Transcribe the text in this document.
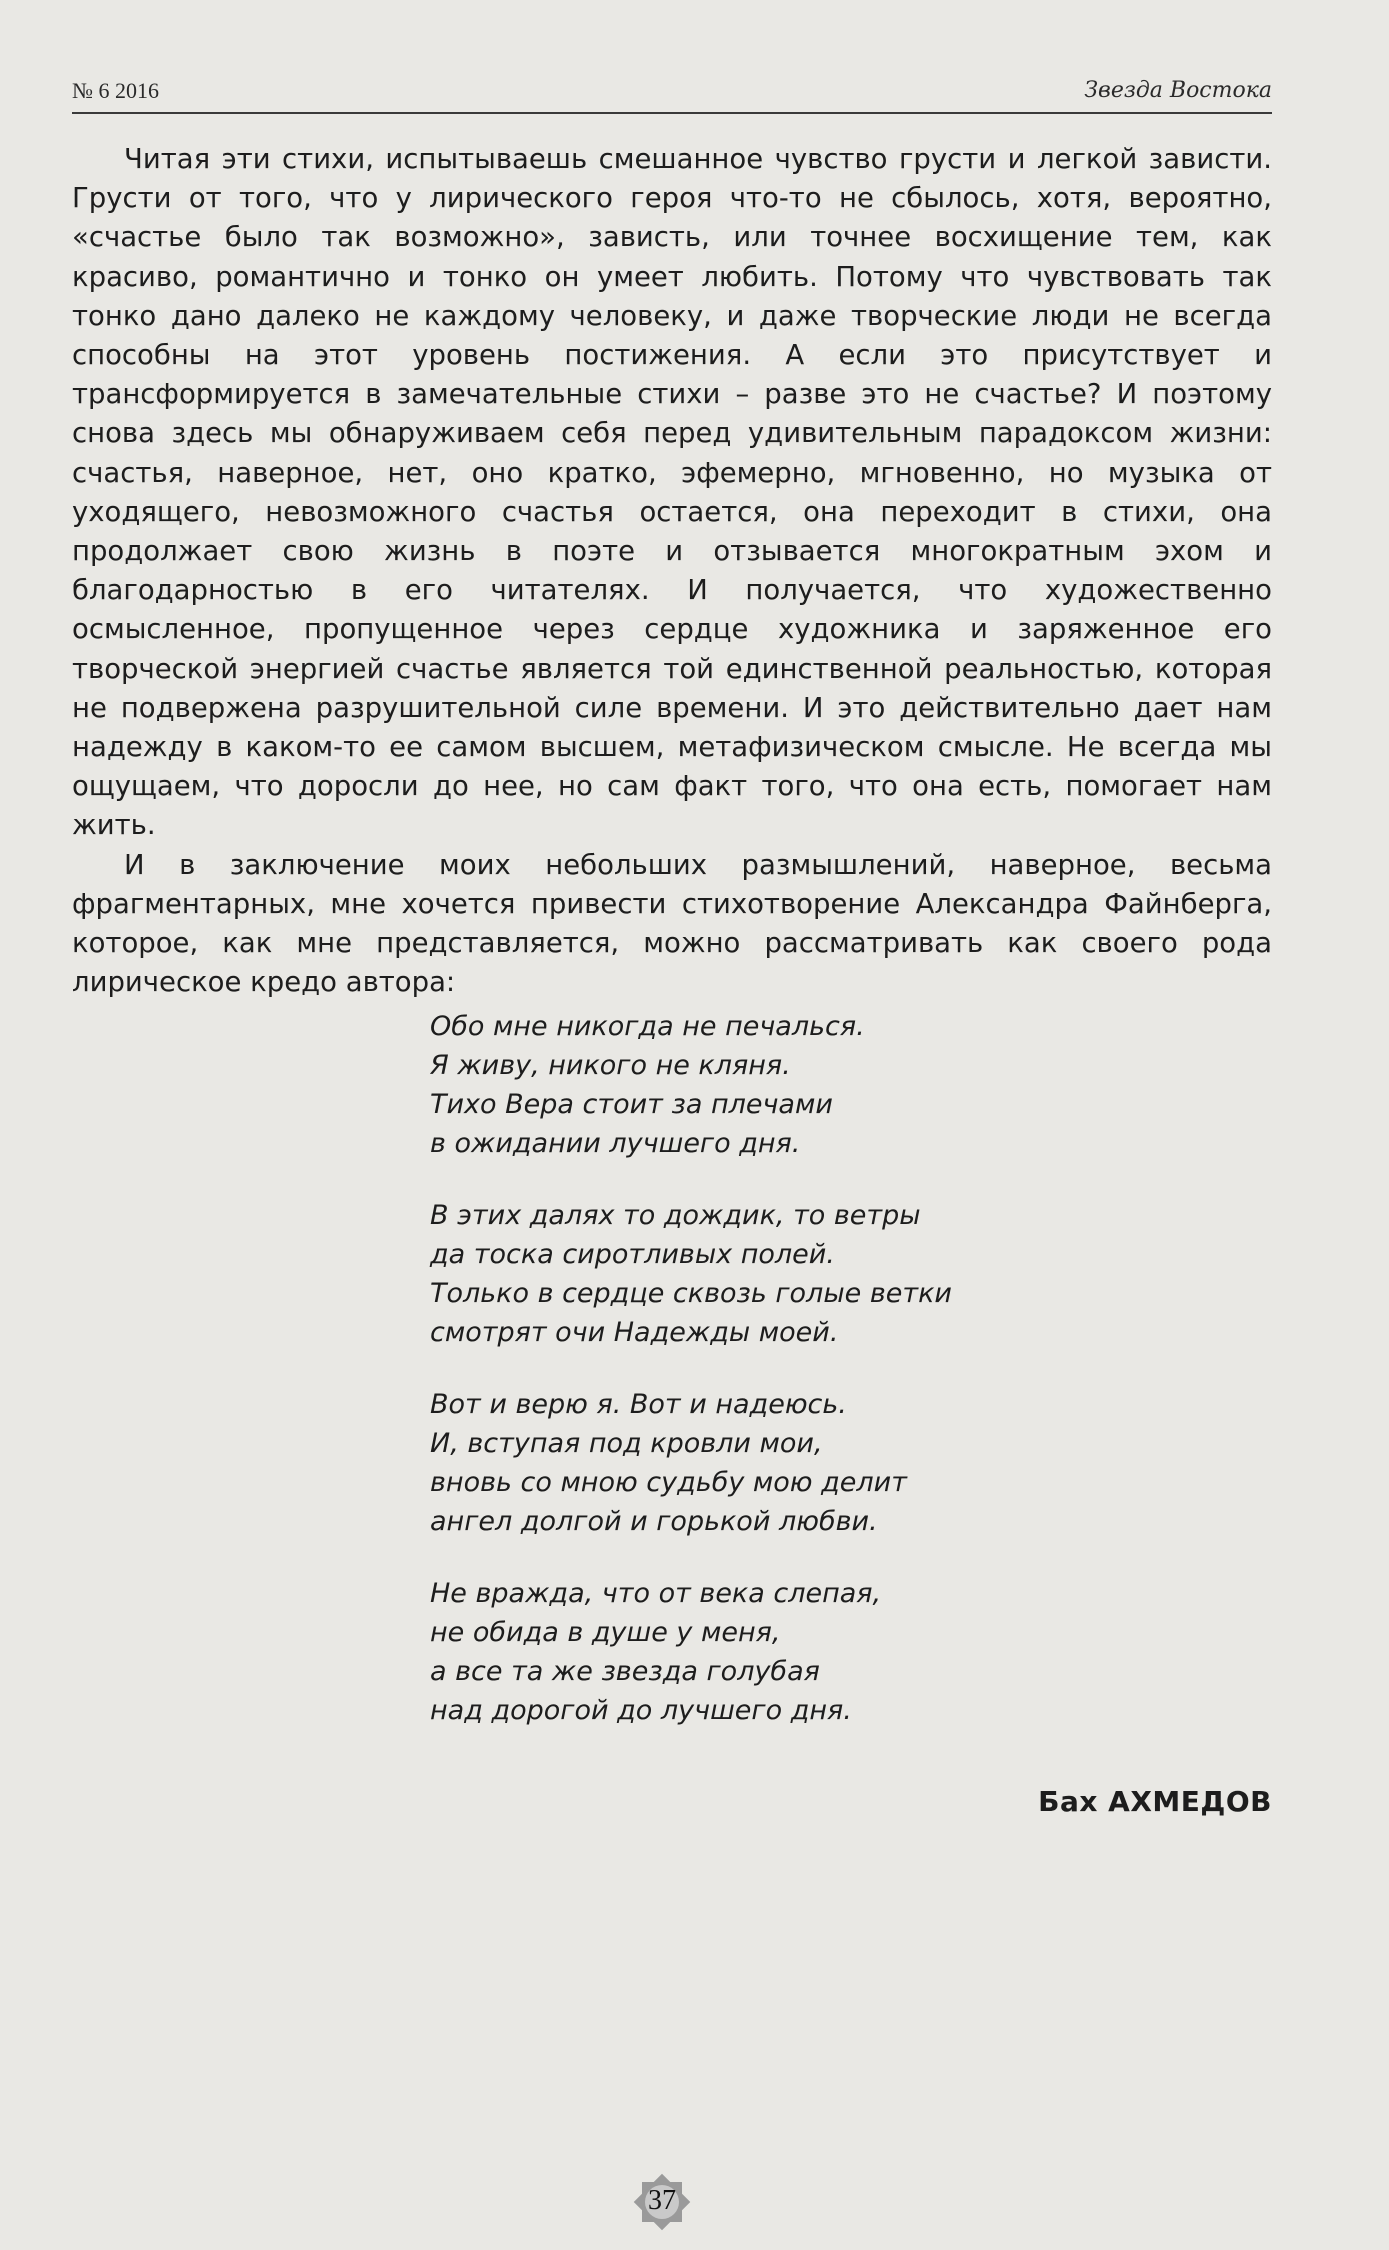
№ 6 2016	Звезда Востока

Читая эти стихи, испытываешь смешанное чувство грусти и легкой зависти. Грусти от того, что у лирического героя что-то не сбылось, хотя, вероятно, «счастье было так возможно», зависть, или точнее восхищение тем, как красиво, романтично и тонко он умеет любить. Потому что чувствовать так тонко дано далеко не каждому человеку, и даже творческие люди не всегда способны на этот уровень постижения. А если это присутствует и трансформируется в замечательные стихи – разве это не счастье? И поэтому снова здесь мы обнаруживаем себя перед удивительным парадоксом жизни: счастья, наверное, нет, оно кратко, эфемерно, мгновенно, но музыка от уходящего, невозможного счастья остается, она переходит в стихи, она продолжает свою жизнь в поэте и отзывается многократным эхом и благодарностью в его читателях. И получается, что художественно осмысленное, пропущенное через сердце художника и заряженное его творческой энергией счастье является той единственной реальностью, которая не подвержена разрушительной силе времени. И это действительно дает нам надежду в каком-то ее самом высшем, метафизическом смысле. Не всегда мы ощущаем, что доросли до нее, но сам факт того, что она есть, помогает нам жить.

И в заключение моих небольших размышлений, наверное, весьма фрагментарных, мне хочется привести стихотворение Александра Файнберга, которое, как мне представляется, можно рассматривать как своего рода лирическое кредо автора:

Обо мне никогда не печалься.
Я живу, никого не кляня.
Тихо Вера стоит за плечами
в ожидании лучшего дня.
В этих далях то дождик, то ветры
да тоска сиротливых полей.
Только в сердце сквозь голые ветки
смотрят очи Надежды моей.
Вот и верю я. Вот и надеюсь.
И, вступая под кровли мои,
вновь со мною судьбу мою делит
ангел долгой и горькой любви.
Не вражда, что от века слепая,
не обида в душе у меня,
а все та же звезда голубая
над дорогой до лучшего дня.
Бах АХМЕДОВ
37
